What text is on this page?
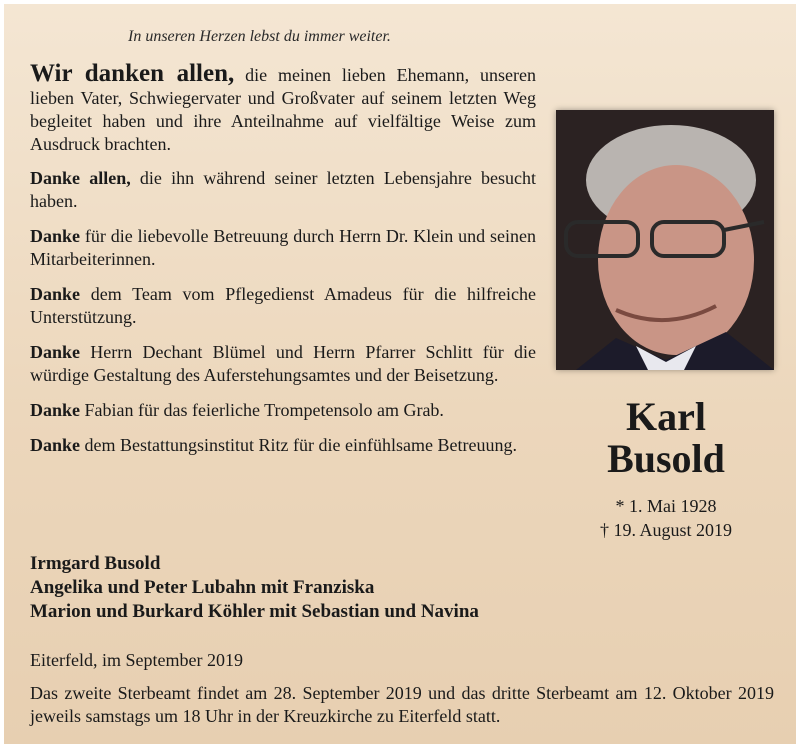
In unseren Herzen lebst du immer weiter.

Wir danken allen, die meinen lieben Ehemann, unseren lieben Vater, Schwiegervater und Großvater auf seinem letzten Weg begleitet haben und ihre Anteilnahme auf vielfältige Weise zum Ausdruck brachten.

Danke allen, die ihn während seiner letzten Lebensjahre besucht haben.

Danke für die liebevolle Betreuung durch Herrn Dr. Klein und seinen Mitarbeiterinnen.

Danke dem Team vom Pflegedienst Amadeus für die hilfreiche Unterstützung.

Danke Herrn Dechant Blümel und Herrn Pfarrer Schlitt für die würdige Gestaltung des Auferstehungsamtes und der Beisetzung.

Danke Fabian für das feierliche Trompetensolo am Grab.

Danke dem Bestattungsinstitut Ritz für die einfühlsame Betreuung.

Karl
Busold
* 1. Mai 1928
† 19. August 2019
Irmgard Busold
Angelika und Peter Lubahn mit Franziska
Marion und Burkard Köhler mit Sebastian und Navina
Eiterfeld, im September 2019
Das zweite Sterbeamt findet am 28. September 2019 und das dritte Sterbeamt am 12. Oktober 2019 jeweils samstags um 18 Uhr in der Kreuzkirche zu Eiterfeld statt.
